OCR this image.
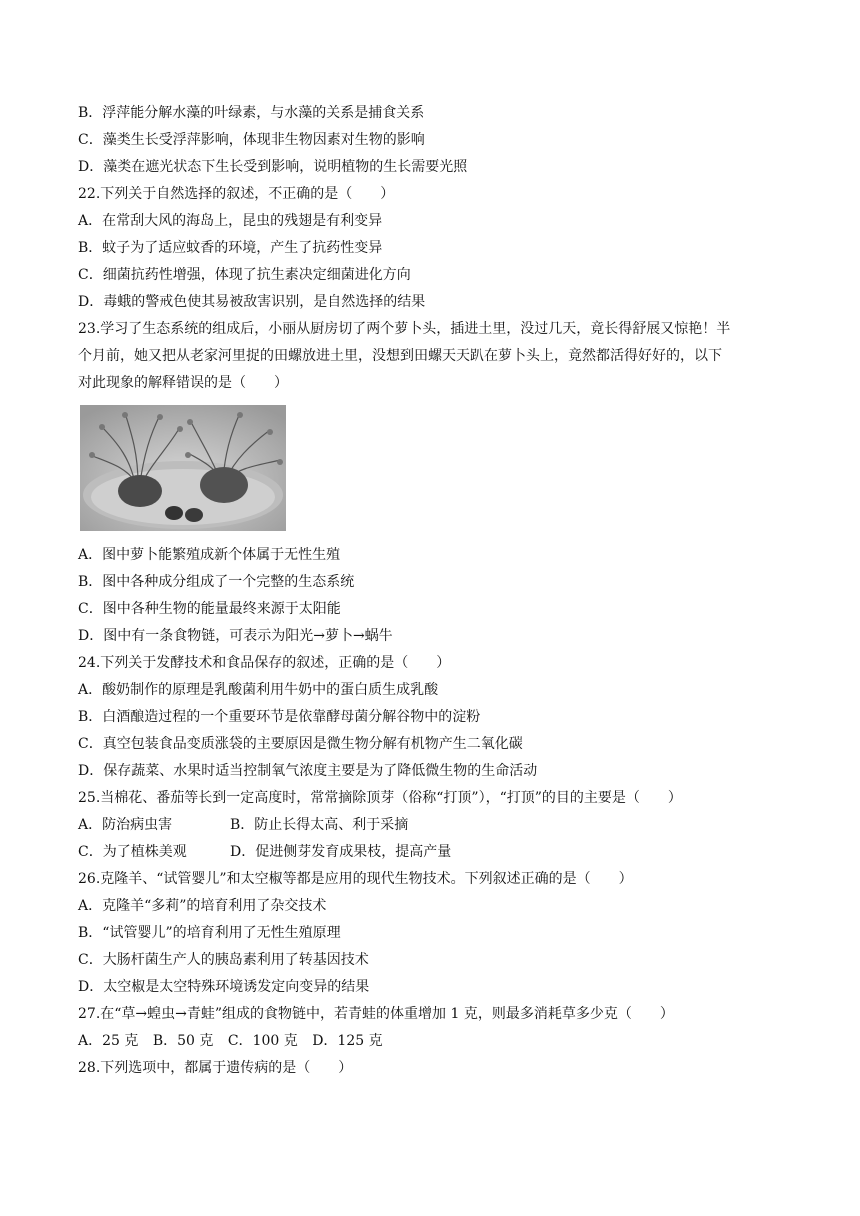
B．浮萍能分解水藻的叶绿素，与水藻的关系是捕食关系
C．藻类生长受浮萍影响，体现非生物因素对生物的影响
D．藻类在遮光状态下生长受到影响，说明植物的生长需要光照
22.下列关于自然选择的叙述，不正确的是（　　）
A．在常刮大风的海岛上，昆虫的残翅是有利变异
B．蚊子为了适应蚊香的环境，产生了抗药性变异
C．细菌抗药性增强，体现了抗生素决定细菌进化方向
D．毒蛾的警戒色使其易被敌害识别，是自然选择的结果
23.学习了生态系统的组成后，小丽从厨房切了两个萝卜头，插进土里，没过几天，竟长得舒展又惊艳！半
个月前，她又把从老家河里捉的田螺放进土里，没想到田螺天天趴在萝卜头上，竟然都活得好好的，以下
对此现象的解释错误的是（　　）
A．图中萝卜能繁殖成新个体属于无性生殖
B．图中各种成分组成了一个完整的生态系统
C．图中各种生物的能量最终来源于太阳能
D．图中有一条食物链，可表示为阳光→萝卜→蜗牛
24.下列关于发酵技术和食品保存的叙述，正确的是（　　）
A．酸奶制作的原理是乳酸菌利用牛奶中的蛋白质生成乳酸
B．白酒酿造过程的一个重要环节是依靠酵母菌分解谷物中的淀粉
C．真空包装食品变质涨袋的主要原因是微生物分解有机物产生二氧化碳
D．保存蔬菜、水果时适当控制氧气浓度主要是为了降低微生物的生命活动
25.当棉花、番茄等长到一定高度时，常常摘除顶芽（俗称“打顶”），“打顶”的目的主要是（　　）
A．防治病虫害	B．防止长得太高、利于采摘
C．为了植株美观	D．促进侧芽发育成果枝，提高产量
26.克隆羊、“试管婴儿”和太空椒等都是应用的现代生物技术。下列叙述正确的是（　　）
A．克隆羊“多莉”的培育利用了杂交技术
B．“试管婴儿”的培育利用了无性生殖原理
C．大肠杆菌生产人的胰岛素利用了转基因技术
D．太空椒是太空特殊环境诱发定向变异的结果
27.在“草→蝗虫→青蛙”组成的食物链中，若青蛙的体重增加 1 克，则最多消耗草多少克（　　）
A．25 克 B．50 克 C．100 克 D．125 克
28.下列选项中，都属于遗传病的是（　　）
